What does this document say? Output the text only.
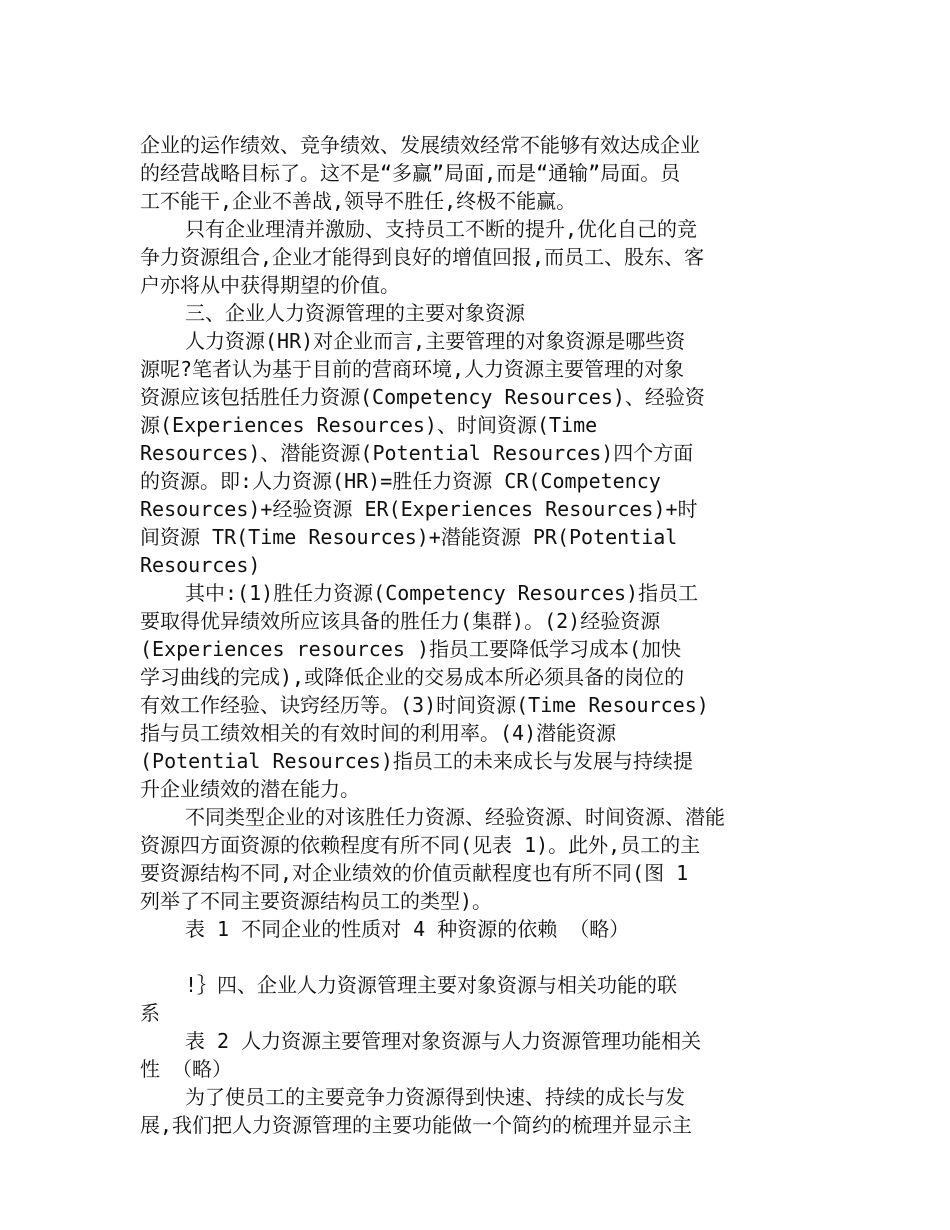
企业的运作绩效、竞争绩效、发展绩效经常不能够有效达成企业
的经营战略目标了。这不是“多赢”局面,而是“通输”局面。员
工不能干,企业不善战,领导不胜任,终极不能赢。
只有企业理清并激励、支持员工不断的提升,优化自己的竞
争力资源组合,企业才能得到良好的增值回报,而员工、股东、客
户亦将从中获得期望的价值。
三、企业人力资源管理的主要对象资源
人力资源(HR)对企业而言,主要管理的对象资源是哪些资
源呢?笔者认为基于目前的营商环境,人力资源主要管理的对象
资源应该包括胜任力资源(Competency Resources)、经验资
源(Experiences Resources)、时间资源(Time
Resources)、潜能资源(Potential Resources)四个方面
的资源。即:人力资源(HR)=胜任力资源 CR(Competency
Resources)+经验资源 ER(Experiences Resources)+时
间资源 TR(Time Resources)+潜能资源 PR(Potential
Resources)
其中:(1)胜任力资源(Competency Resources)指员工
要取得优异绩效所应该具备的胜任力(集群)。(2)经验资源
(Experiences resources )指员工要降低学习成本(加快
学习曲线的完成),或降低企业的交易成本所必须具备的岗位的
有效工作经验、诀窍经历等。(3)时间资源(Time Resources)
指与员工绩效相关的有效时间的利用率。(4)潜能资源
(Potential Resources)指员工的未来成长与发展与持续提
升企业绩效的潜在能力。
不同类型企业的对该胜任力资源、经验资源、时间资源、潜能
资源四方面资源的依赖程度有所不同(见表 1)。此外,员工的主
要资源结构不同,对企业绩效的价值贡献程度也有所不同(图 1
列举了不同主要资源结构员工的类型)。
表 1 不同企业的性质对 4 种资源的依赖 （略）
!｝四、企业人力资源管理主要对象资源与相关功能的联
系
表 2 人力资源主要管理对象资源与人力资源管理功能相关
性 （略）
为了使员工的主要竞争力资源得到快速、持续的成长与发
展,我们把人力资源管理的主要功能做一个简约的梳理并显示主
